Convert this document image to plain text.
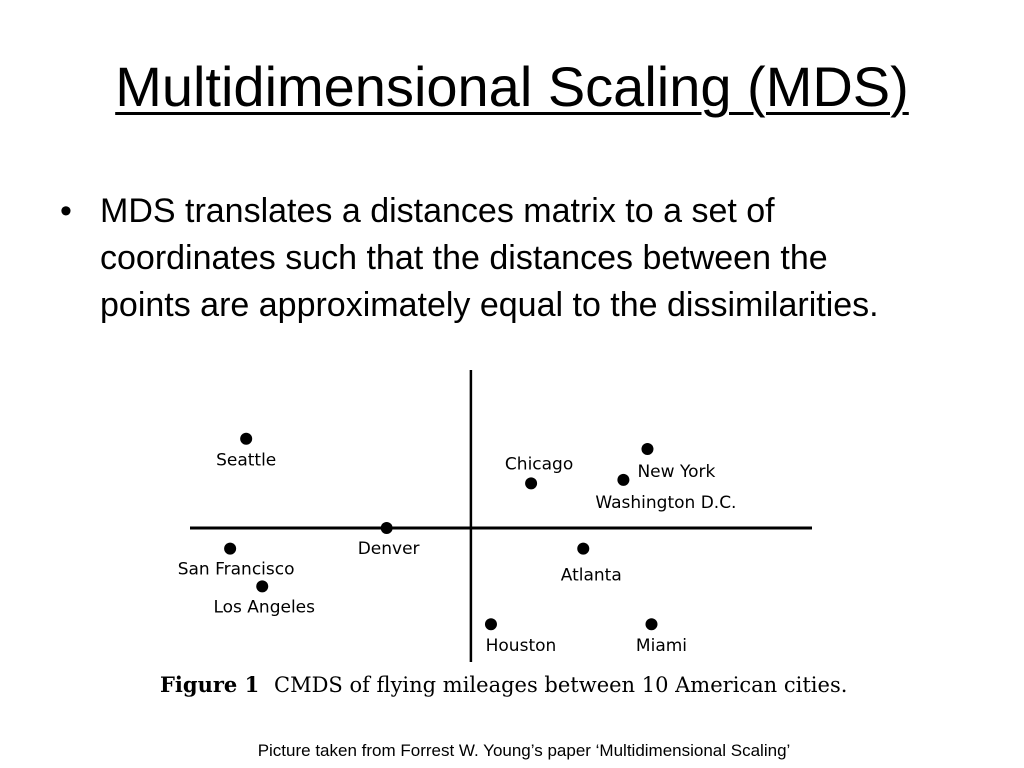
Multidimensional Scaling (MDS)
• MDS translates a distances matrix to a set of coordinates such that the distances between the points are approximately equal to the dissimilarities.
Seattle	Chicago	New York
Washington D.C.
Denver
San Francisco
Los Angeles
Atlanta
Houston	Miami
Figure 1 CMDS of flying mileages between 10 American cities.
Picture taken from Forrest W. Young’s paper ‘Multidimensional Scaling’
